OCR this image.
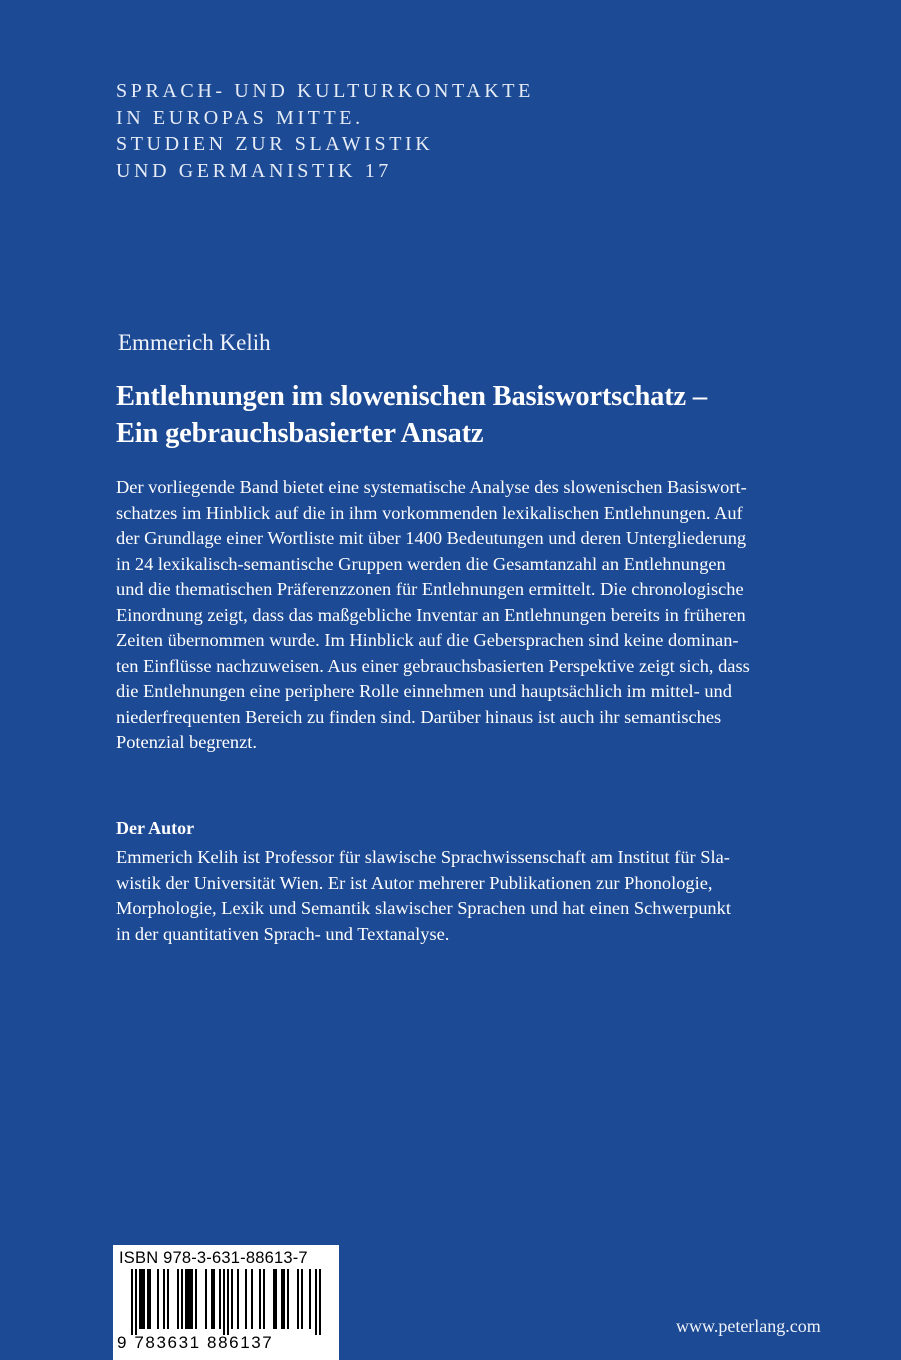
SPRACH- UND KULTURKONTAKTE
IN EUROPAS MITTE.
STUDIEN ZUR SLAWISTIK
UND GERMANISTIK 17
Emmerich Kelih
Entlehnungen im slowenischen Basiswortschatz –
Ein gebrauchsbasierter Ansatz
Der vorliegende Band bietet eine systematische Analyse des slowenischen Basiswort-
schatzes im Hinblick auf die in ihm vorkommenden lexikalischen Entlehnungen. Auf
der Grundlage einer Wortliste mit über 1400 Bedeutungen und deren Untergliederung
in 24 lexikalisch-semantische Gruppen werden die Gesamtanzahl an Entlehnungen
und die thematischen Präferenzzonen für Entlehnungen ermittelt. Die chronologische
Einordnung zeigt, dass das maßgebliche Inventar an Entlehnungen bereits in früheren
Zeiten übernommen wurde. Im Hinblick auf die Gebersprachen sind keine dominan-
ten Einflüsse nachzuweisen. Aus einer gebrauchsbasierten Perspektive zeigt sich, dass
die Entlehnungen eine periphere Rolle einnehmen und hauptsächlich im mittel- und
niederfrequenten Bereich zu finden sind. Darüber hinaus ist auch ihr semantisches
Potenzial begrenzt.
Der Autor
Emmerich Kelih ist Professor für slawische Sprachwissenschaft am Institut für Sla-
wistik der Universität Wien. Er ist Autor mehrerer Publikationen zur Phonologie,
Morphologie, Lexik und Semantik slawischer Sprachen und hat einen Schwerpunkt
in der quantitativen Sprach- und Textanalyse.
ISBN 978-3-631-88613-7
9 783631 886137
www.peterlang.com
